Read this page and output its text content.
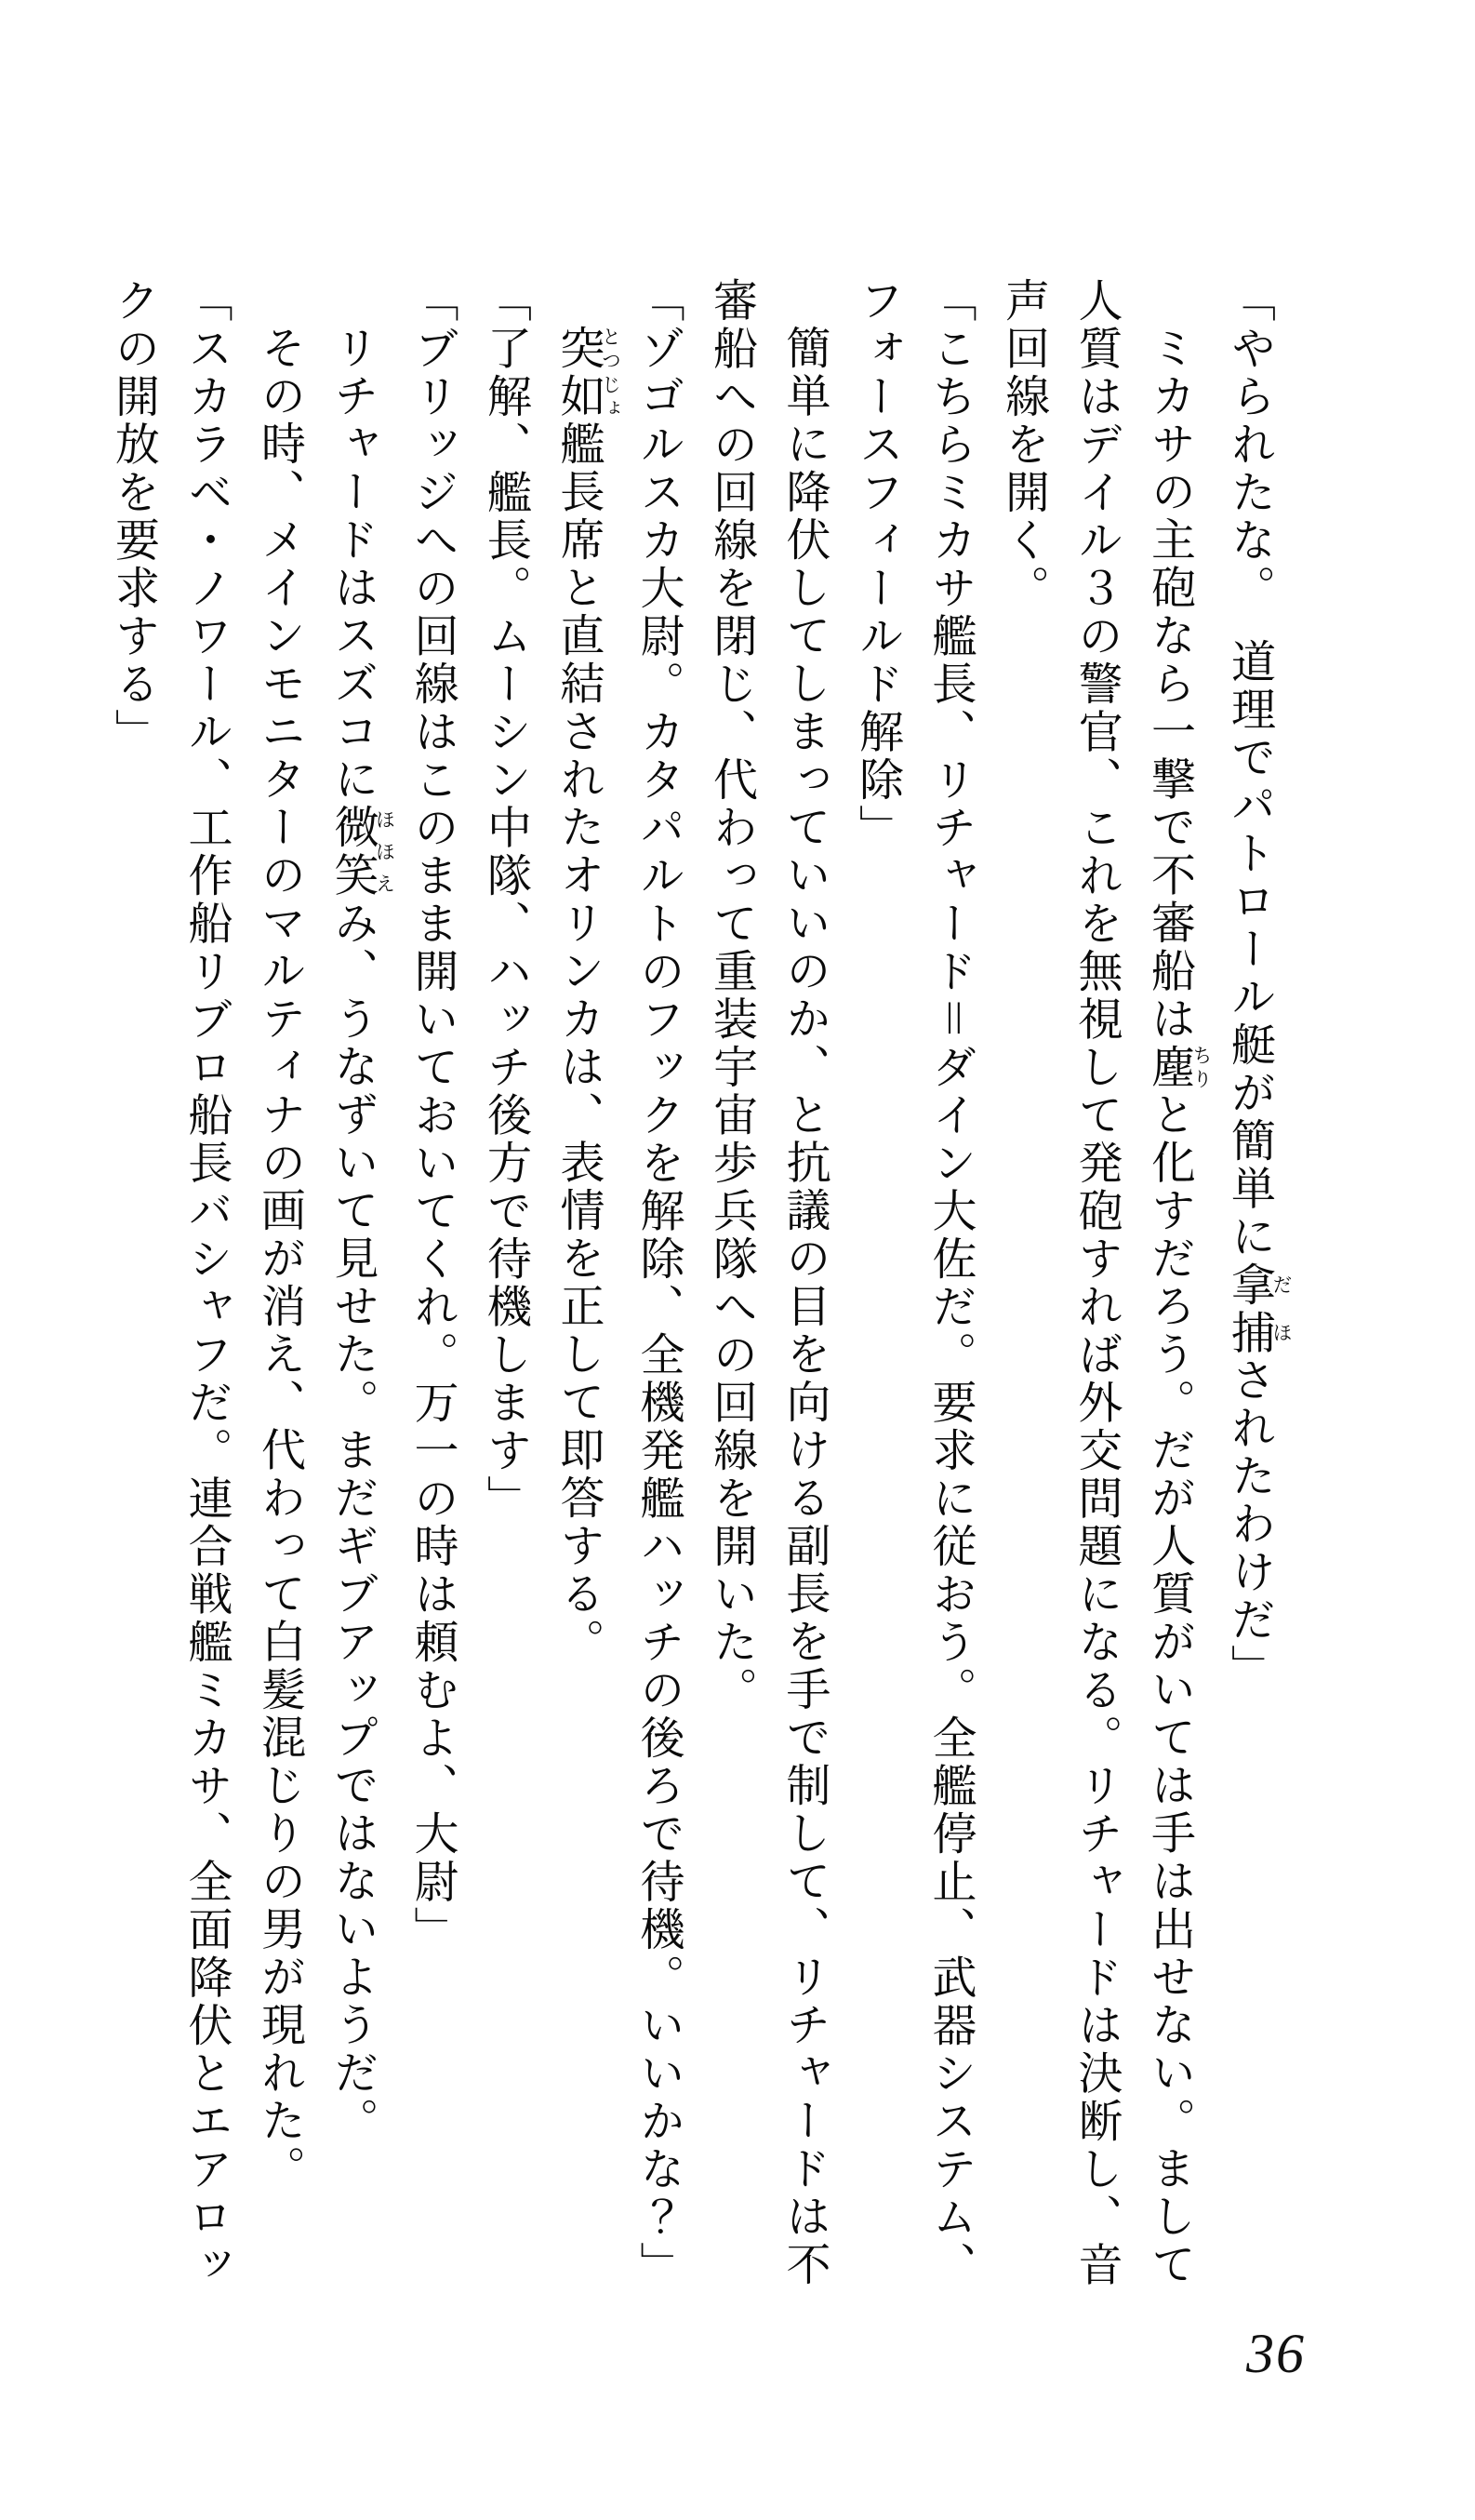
「やられたな。　道理でパトロール艇が簡単に拿捕だほされたわけだ」
ミカサの主砲なら一撃で不審船は塵ちりと化すだろう。だが人質がいては手は出せない。まして
人質はデイル３の警官、これを無視して発砲すれば外交問題になる。リチャードは決断し、音
声回線を開く。
「こちらミカサ艦長、リチャード＝ダイン大佐だ。要求に従おう。全艦停止、武器システム、
フォースフィールド解除」
簡単に降伏してしまっていいのか、と抗議の目を向ける副長を手で制して、リチャードは不
審船への回線を閉じ、代わって重装宇宙歩兵隊への回線を開いた。
「ゾゴルスカ大尉。カタパルトのフックを解除、全機発艦ハッチの後ろで待機。いいかな？」
突如とつじょ艦長席と直結されたオリンカは、表情を正して即答する。
「了解、艦長。ムーシン中隊、ハッチ後方で待機します」
「ブリッジへの回線はこのまま開いておいてくれ。万一の時は頼むよ、大尉」
リチャードはスズコに微笑ほほえみ、うなずいて見せた。まだギブアップではないようだ。
その時、メインモニターのマルティナの画が消え、代わって白髪混じりの男が現れた。
「スカラベ・ノワール、工作船リブロ船長バシャフだ。連合戦艦ミカサ、全面降伏とエアロッ
クの開放を要求する」
36
